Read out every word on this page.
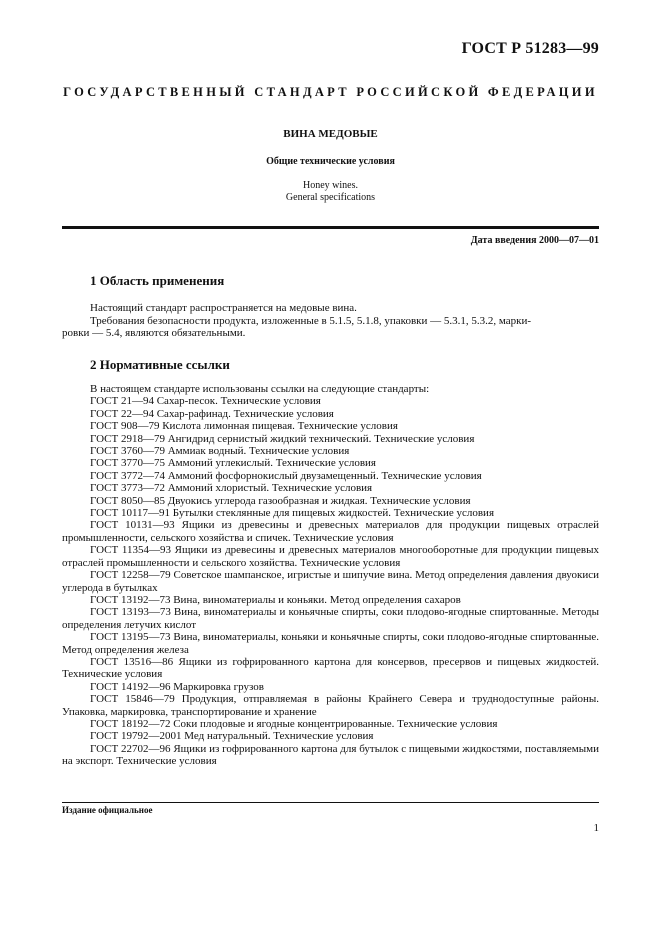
ГОСТ Р 51283—99
ГОСУДАРСТВЕННЫЙ СТАНДАРТ РОССИЙСКОЙ ФЕДЕРАЦИИ
ВИНА МЕДОВЫЕ
Общие технические условия
Honey wines.
General specifications
Дата введения 2000—07—01
1 Область применения
Настоящий стандарт распространяется на медовые вина.
Требования безопасности продукта, изложенные в 5.1.5, 5.1.8, упаковки — 5.3.1, 5.3.2, марки-
ровки — 5.4, являются обязательными.
2 Нормативные ссылки
В настоящем стандарте использованы ссылки на следующие стандарты:
ГОСТ 21—94 Сахар-песок. Технические условия
ГОСТ 22—94 Сахар-рафинад. Технические условия
ГОСТ 908—79 Кислота лимонная пищевая. Технические условия
ГОСТ 2918—79 Ангидрид сернистый жидкий технический. Технические условия
ГОСТ 3760—79 Аммиак водный. Технические условия
ГОСТ 3770—75 Аммоний углекислый. Технические условия
ГОСТ 3772—74 Аммоний фосфорнокислый двузамещенный. Технические условия
ГОСТ 3773—72 Аммоний хлористый. Технические условия
ГОСТ 8050—85 Двуокись углерода газообразная и жидкая. Технические условия
ГОСТ 10117—91 Бутылки стеклянные для пищевых жидкостей. Технические условия
ГОСТ 10131—93 Ящики из древесины и древесных материалов для продукции пищевых отраслей промышленности, сельского хозяйства и спичек. Технические условия
ГОСТ 11354—93 Ящики из древесины и древесных материалов многооборотные для продукции пищевых отраслей промышленности и сельского хозяйства. Технические условия
ГОСТ 12258—79 Советское шампанское, игристые и шипучие вина. Метод определения давления двуокиси углерода в бутылках
ГОСТ 13192—73 Вина, виноматериалы и коньяки. Метод определения сахаров
ГОСТ 13193—73 Вина, виноматериалы и коньячные спирты, соки плодово-ягодные спиртованные. Методы определения летучих кислот
ГОСТ 13195—73 Вина, виноматериалы, коньяки и коньячные спирты, соки плодово-ягодные спиртованные. Метод определения железа
ГОСТ 13516—86 Ящики из гофрированного картона для консервов, пресервов и пищевых жидкостей. Технические условия
ГОСТ 14192—96 Маркировка грузов
ГОСТ 15846—79 Продукция, отправляемая в районы Крайнего Севера и труднодоступные районы. Упаковка, маркировка, транспортирование и хранение
ГОСТ 18192—72 Соки плодовые и ягодные концентрированные. Технические условия
ГОСТ 19792—2001 Мед натуральный. Технические условия
ГОСТ 22702—96 Ящики из гофрированного картона для бутылок с пищевыми жидкостями, поставляемыми на экспорт. Технические условия
Издание официальное
1
